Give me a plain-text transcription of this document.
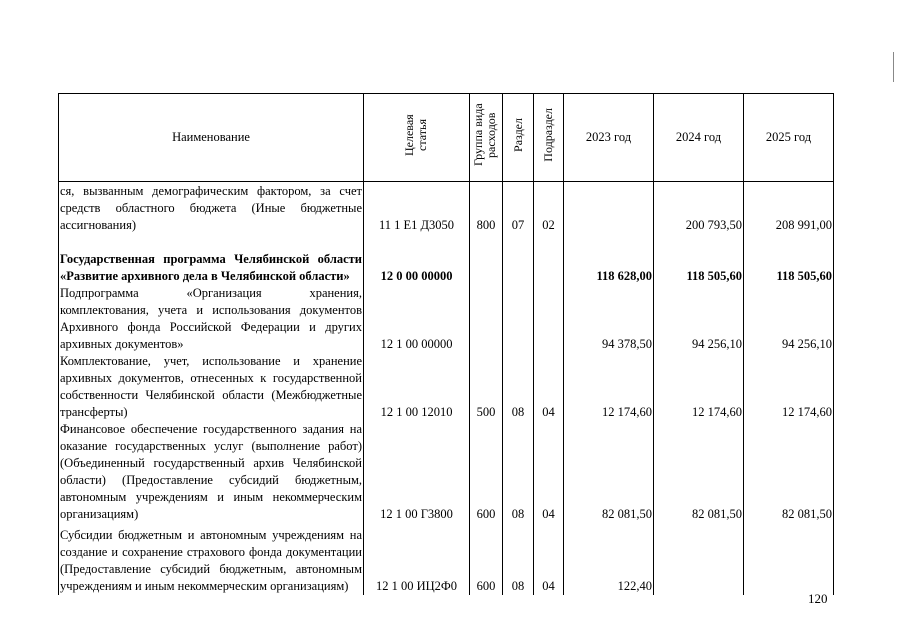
Наименование	Целевая статья	Группа вида расходов	Раздел	Подраздел	2023 год	2024 год	2025 год
ся, вызванным демографическим фактором, за счет средств областного бюджета (Иные бюджетные ассигнования)	11 1 Е1 Д3050	800	07	02		200 793,50	208 991,00
Государственная программа Челябинской области «Развитие архивного дела в Челябинской области»	12 0 00 00000				118 628,00	118 505,60	118 505,60
Подпрограмма «Организация хранения, комплектования, учета и использования документов Архивного фонда Российской Федерации и других архивных документов»	12 1 00 00000				94 378,50	94 256,10	94 256,10
Комплектование, учет, использование и хранение архивных документов, отнесенных к государственной собственности Челябинской области (Межбюджетные трансферты)	12 1 00 12010	500	08	04	12 174,60	12 174,60	12 174,60
Финансовое обеспечение государственного задания на оказание государственных услуг (выполнение работ) (Объединенный государственный архив Челябинской области) (Предоставление субсидий бюджетным, автономным учреждениям и иным некоммерческим организациям)	12 1 00 Г3800	600	08	04	82 081,50	82 081,50	82 081,50
Субсидии бюджетным и автономным учреждениям на создание и сохранение страхового фонда документации (Предоставление субсидий бюджетным, автономным учреждениям и иным некоммерческим организациям)	12 1 00 ИЦ2Ф0	600	08	04	122,40		
120
